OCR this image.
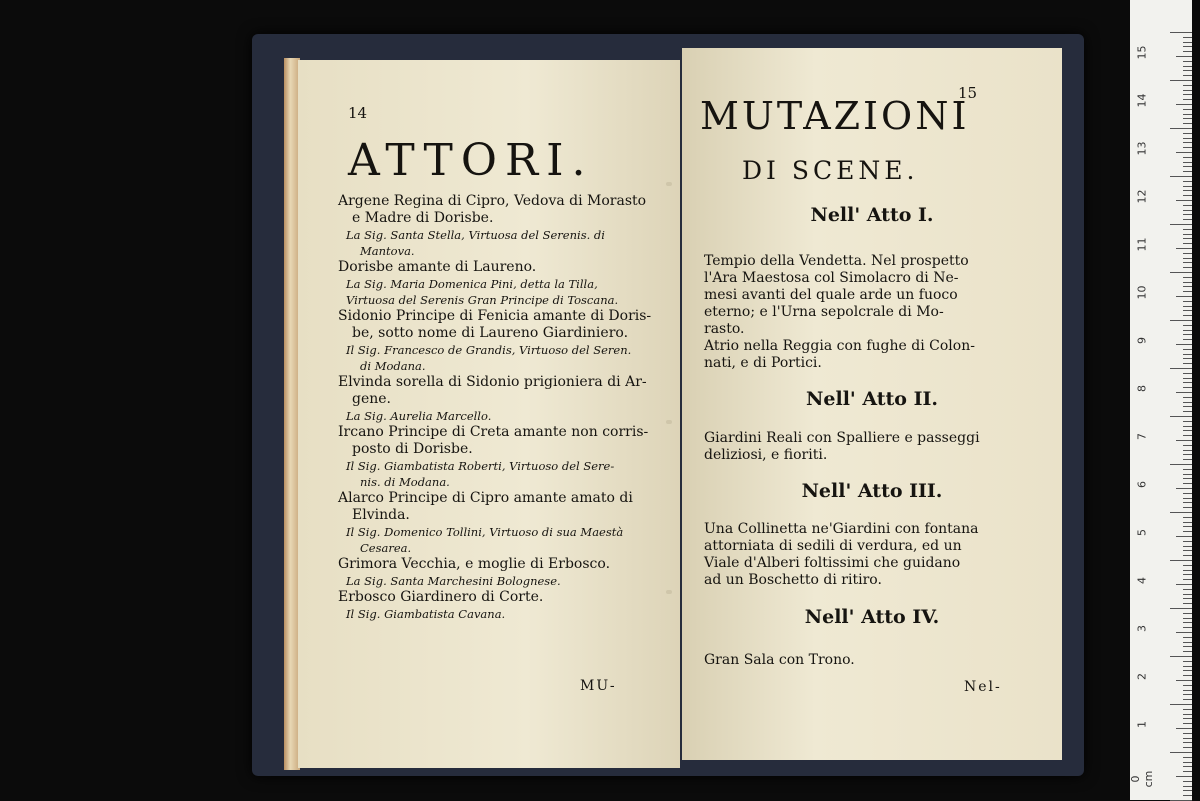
14
ATTORI.
Argene Regina di Cipro, Vedova di Morasto
e Madre di Dorisbe.
La Sig. Santa Stella, Virtuosa del Serenis. di
Mantova.
Dorisbe amante di Laureno.
La Sig. Maria Domenica Pini, detta la Tilla,
Virtuosa del Serenis Gran Principe di Toscana.
Sidonio Principe di Fenicia amante di Doris-
be, sotto nome di Laureno Giardiniero.
Il Sig. Francesco de Grandis, Virtuoso del Seren.
di Modana.
Elvinda sorella di Sidonio prigioniera di Ar-
gene.
La Sig. Aurelia Marcello.
Ircano Principe di Creta amante non corris-
posto di Dorisbe.
Il Sig. Giambatista Roberti, Virtuoso del Sere-
nis. di Modana.
Alarco Principe di Cipro amante amato di
Elvinda.
Il Sig. Domenico Tollini, Virtuoso di sua Maestà
Cesarea.
Grimora Vecchia, e moglie di Erbosco.
La Sig. Santa Marchesini Bolognese.
Erbosco Giardinero di Corte.
Il Sig. Giambatista Cavana.
MU-
15
MUTAZIONI
DI SCENE.
Nell' Atto I.
Tempio della Vendetta. Nel prospetto
l'Ara Maestosa col Simolacro di Ne-
mesi avanti del quale arde un fuoco
eterno; e l'Urna sepolcrale di Mo-
rasto.
Atrio nella Reggia con fughe di Colon-
nati, e di Portici.
Nell' Atto II.
Giardini Reali con Spalliere e passeggi
deliziosi, e fioriti.
Nell' Atto III.
Una Collinetta ne'Giardini con fontana
attorniata di sedili di verdura, ed un
Viale d'Alberi foltissimi che guidano
ad un Boschetto di ritiro.
Nell' Atto IV.
Gran Sala con Trono.
Nel-
15
14
13
12
11
10
9
8
7
6
5
4
3
2
1
0 cm
